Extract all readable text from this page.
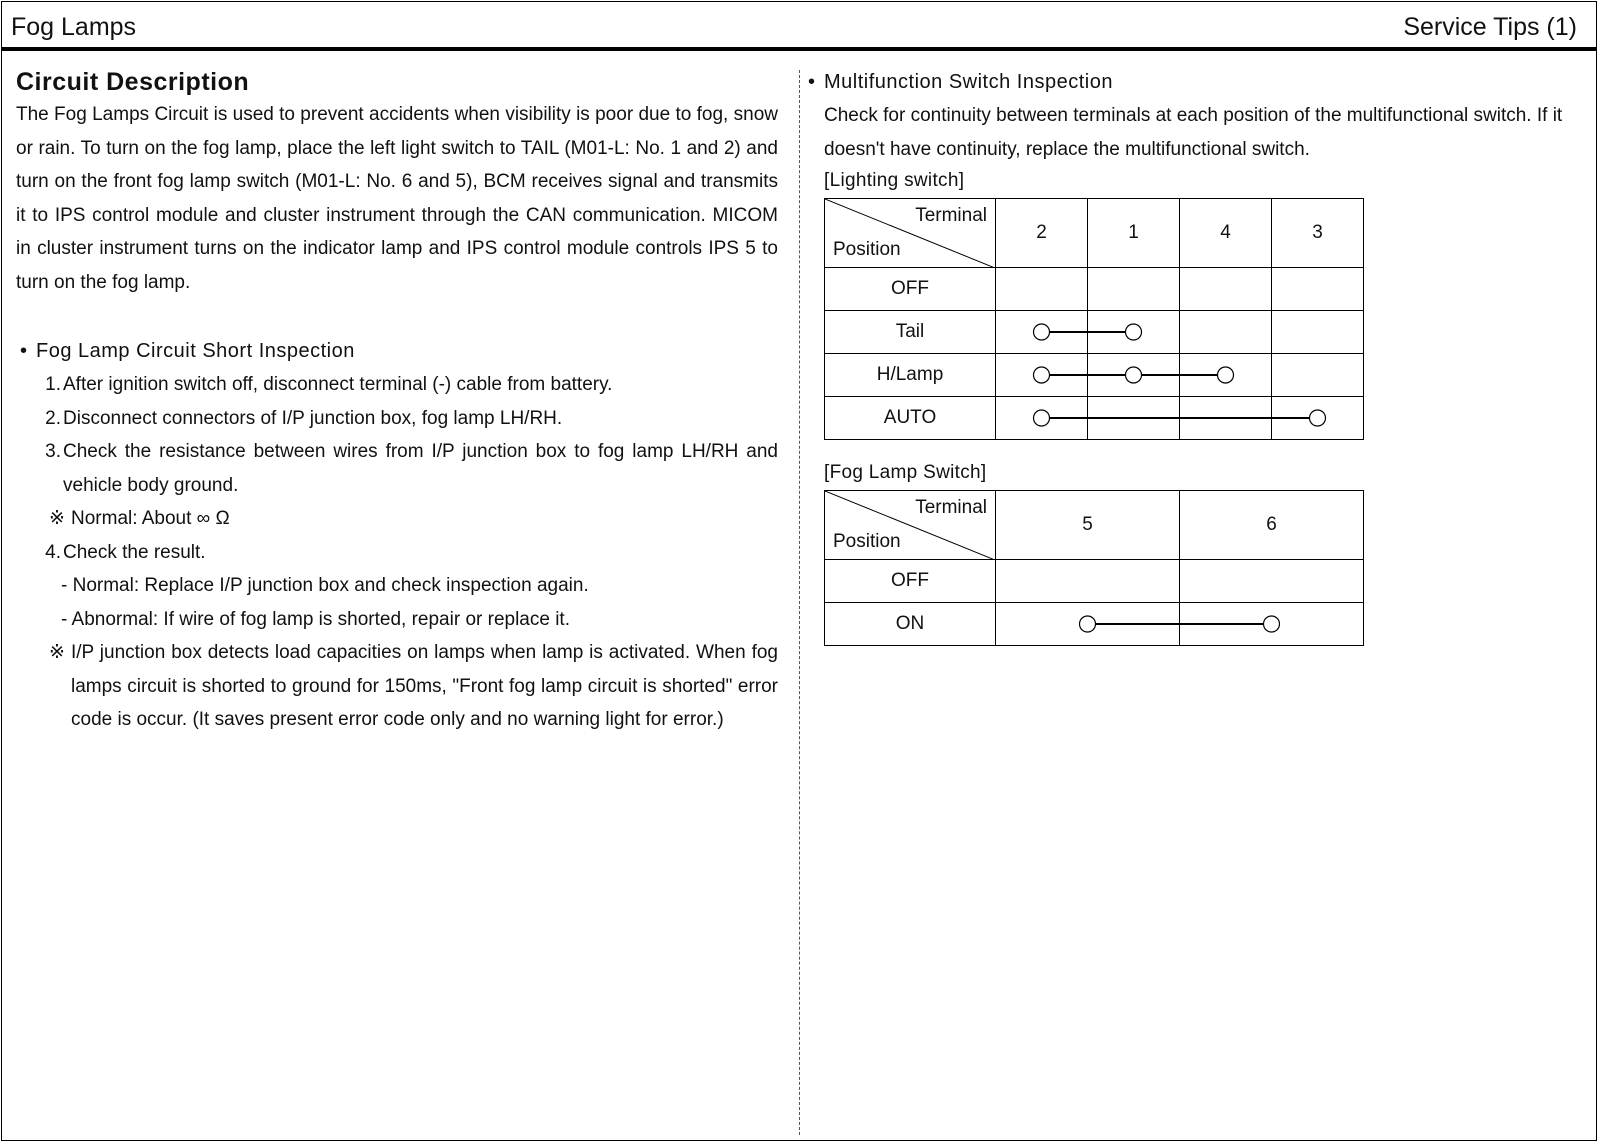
Fog Lamps	Service Tips (1)
Circuit Description

The Fog Lamps Circuit is used to prevent accidents when visibility is poor due to fog, snow or rain. To turn on the fog lamp, place the left light switch to TAIL (M01-L: No. 1 and 2) and turn on the front fog lamp switch (M01-L: No. 6 and 5), BCM receives signal and transmits it to IPS control module and cluster instrument through the CAN communication. MICOM in cluster instrument turns on the indicator lamp and IPS control module controls IPS 5 to turn on the fog lamp.

• Fog Lamp Circuit Short Inspection

1. After ignition switch off, disconnect terminal (-) cable from battery.
2. Disconnect connectors of I/P junction box, fog lamp LH/RH.
3. Check the resistance between wires from I/P junction box to fog lamp LH/RH and vehicle body ground.
※ Normal: About ∞ Ω
4. Check the result.
- Normal: Replace I/P junction box and check inspection again.
- Abnormal: If wire of fog lamp is shorted, repair or replace it.
※ I/P junction box detects load capacities on lamps when lamp is activated. When fog lamps circuit is shorted to ground for 150ms, "Front fog lamp circuit is shorted" error code is occur. (It saves present error code only and no warning light for error.)

• Multifunction Switch Inspection

Check for continuity between terminals at each position of the multifunctional switch. If it doesn't have continuity, replace the multifunctional switch.

[Lighting switch]

Terminal
Position	2	1	4	3
OFF				
Tail				
H/Lamp				
AUTO				

[Fog Lamp Switch]

Terminal
Position	5	6
OFF		
ON		
